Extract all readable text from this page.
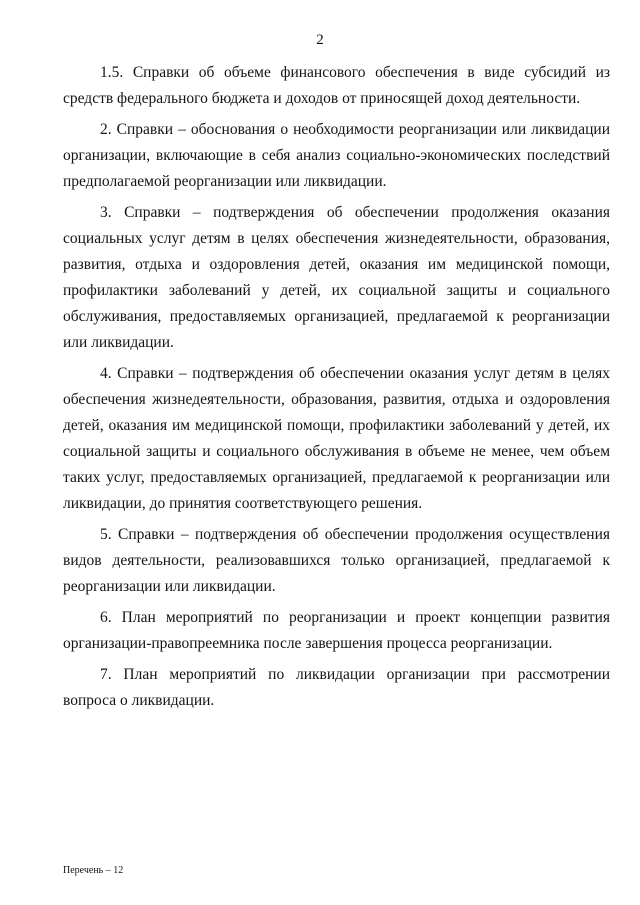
2

1.5. Справки об объеме финансового обеспечения в виде субсидий из средств федерального бюджета и доходов от приносящей доход деятельности.

2. Справки – обоснования о необходимости реорганизации или ликвидации организации, включающие в себя анализ социально-экономических последствий предполагаемой реорганизации или ликвидации.

3. Справки – подтверждения об обеспечении продолжения оказания социальных услуг детям в целях обеспечения жизнедеятельности, образования, развития, отдыха и оздоровления детей, оказания им медицинской помощи, профилактики заболеваний у детей, их социальной защиты и социального обслуживания, предоставляемых организацией, предлагаемой к реорганизации или ликвидации.

4. Справки – подтверждения об обеспечении оказания услуг детям в целях обеспечения жизнедеятельности, образования, развития, отдыха и оздоровления детей, оказания им медицинской помощи, профилактики заболеваний у детей, их социальной защиты и социального обслуживания в объеме не менее, чем объем таких услуг, предоставляемых организацией, предлагаемой к реорганизации или ликвидации, до принятия соответствующего решения.

5. Справки – подтверждения об обеспечении продолжения осуществления видов деятельности, реализовавшихся только организацией, предлагаемой к реорганизации или ликвидации.

6. План мероприятий по реорганизации и проект концепции развития организации-правопреемника после завершения процесса реорганизации.

7. План мероприятий по ликвидации организации при рассмотрении вопроса о ликвидации.

Перечень – 12
